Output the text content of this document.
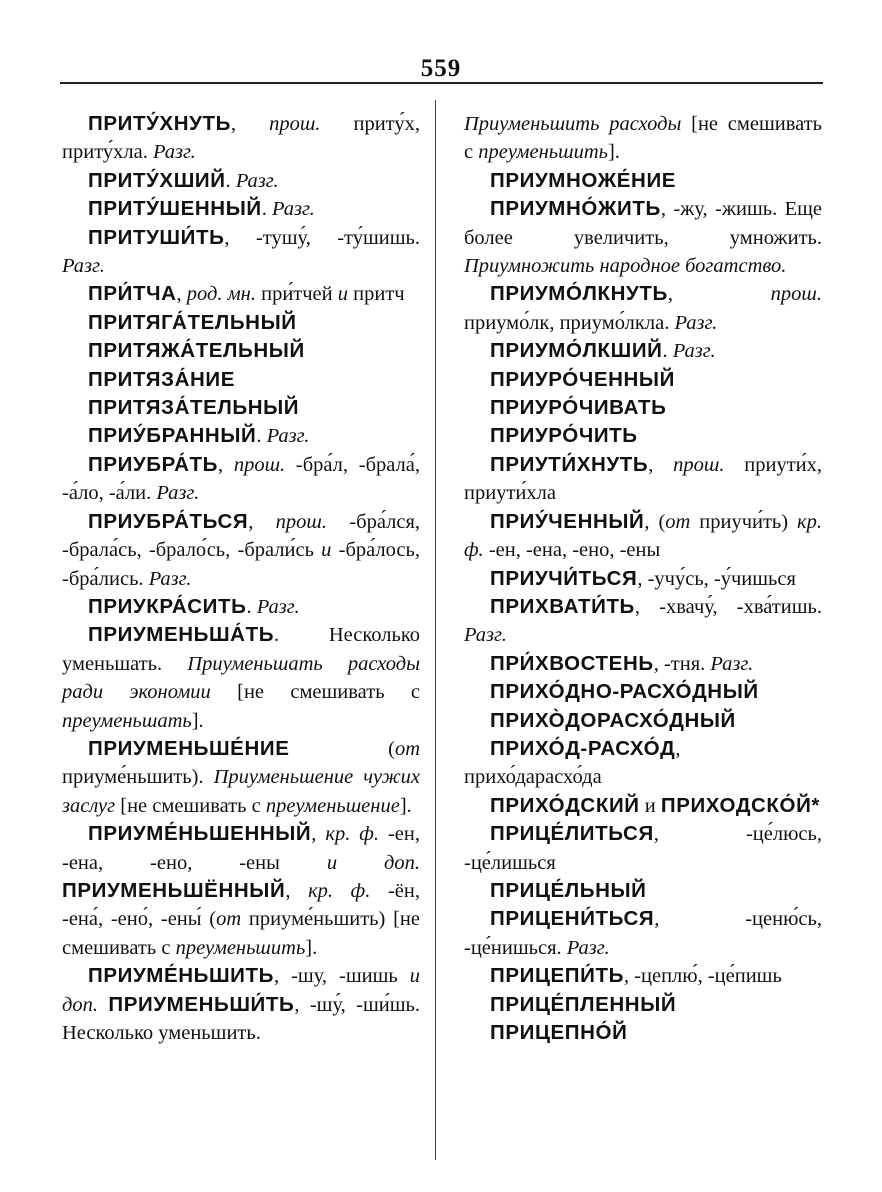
559

ПРИТУ́ХНУТЬ, прош. приту́х, приту́хла. Разг.

ПРИТУ́ХШИЙ. Разг.

ПРИТУ́ШЕННЫЙ. Разг.

ПРИТУШИ́ТЬ, -тушу́, -ту́шишь. Разг.

ПРИ́ТЧА, род. мн. при́тчей и притч

ПРИТЯГА́ТЕЛЬНЫЙ

ПРИТЯЖА́ТЕЛЬНЫЙ

ПРИТЯЗА́НИЕ

ПРИТЯЗА́ТЕЛЬНЫЙ

ПРИУ́БРАННЫЙ. Разг.

ПРИУБРА́ТЬ, прош. -бра́л, -брала́, -а́ло, -а́ли. Разг.

ПРИУБРА́ТЬСЯ, прош. -бра́лся, -брала́сь, -брало́сь, -брали́сь и -бра́лось, -бра́лись. Разг.

ПРИУКРА́СИТЬ. Разг.

ПРИУМЕНЬША́ТЬ. Несколько уменьшать. Приуменьшать расходы ради экономии [не смешивать с преуменьшать].

ПРИУМЕНЬШЕ́НИЕ (от приуме́ньшить). Приуменьшение чужих заслуг [не смешивать с преуменьшение].

ПРИУМЕ́НЬШЕННЫЙ, кр. ф. -ен, -ена, -ено, -ены и доп. ПРИУМЕНЬШЁННЫЙ, кр. ф. -ён, -ена́, -ено́, -ены́ (от приуме́ньшить) [не смешивать с преуменьшить].

ПРИУМЕ́НЬШИТЬ, -шу, -шишь и доп. ПРИУМЕНЬШИ́ТЬ, -шу́, -ши́шь. Несколько уменьшить.

Приуменьшить расходы [не смешивать с преуменьшить].

ПРИУМНОЖЕ́НИЕ

ПРИУМНО́ЖИТЬ, -жу, -жишь. Еще более увеличить, умножить. Приумножить народное богатство.

ПРИУМО́ЛКНУТЬ, прош. приумо́лк, приумо́лкла. Разг.

ПРИУМО́ЛКШИЙ. Разг.

ПРИУРО́ЧЕННЫЙ

ПРИУРО́ЧИВАТЬ

ПРИУРО́ЧИТЬ

ПРИУТИ́ХНУТЬ, прош. приути́х, приути́хла

ПРИУ́ЧЕННЫЙ, (от приучи́ть) кр. ф. -ен, -ена, -ено, -ены

ПРИУЧИ́ТЬСЯ, -учу́сь, -у́чишься

ПРИХВАТИ́ТЬ, -хвачу́, -хва́тишь. Разг.

ПРИ́ХВОСТЕНЬ, -тня. Разг.

ПРИХО́ДНО-РАСХО́ДНЫЙ

ПРИХО̀ДОРАСХО́ДНЫЙ

ПРИХО́Д-РАСХО́Д, прихо́дарасхо́да

ПРИХО́ДСКИЙ и ПРИХОДСКО́Й*

ПРИЦЕ́ЛИТЬСЯ, -це́люсь, -це́лишься

ПРИЦЕ́ЛЬНЫЙ

ПРИЦЕНИ́ТЬСЯ, -ценю́сь, -це́нишься. Разг.

ПРИЦЕПИ́ТЬ, -цеплю́, -це́пишь

ПРИЦЕ́ПЛЕННЫЙ

ПРИЦЕПНО́Й
